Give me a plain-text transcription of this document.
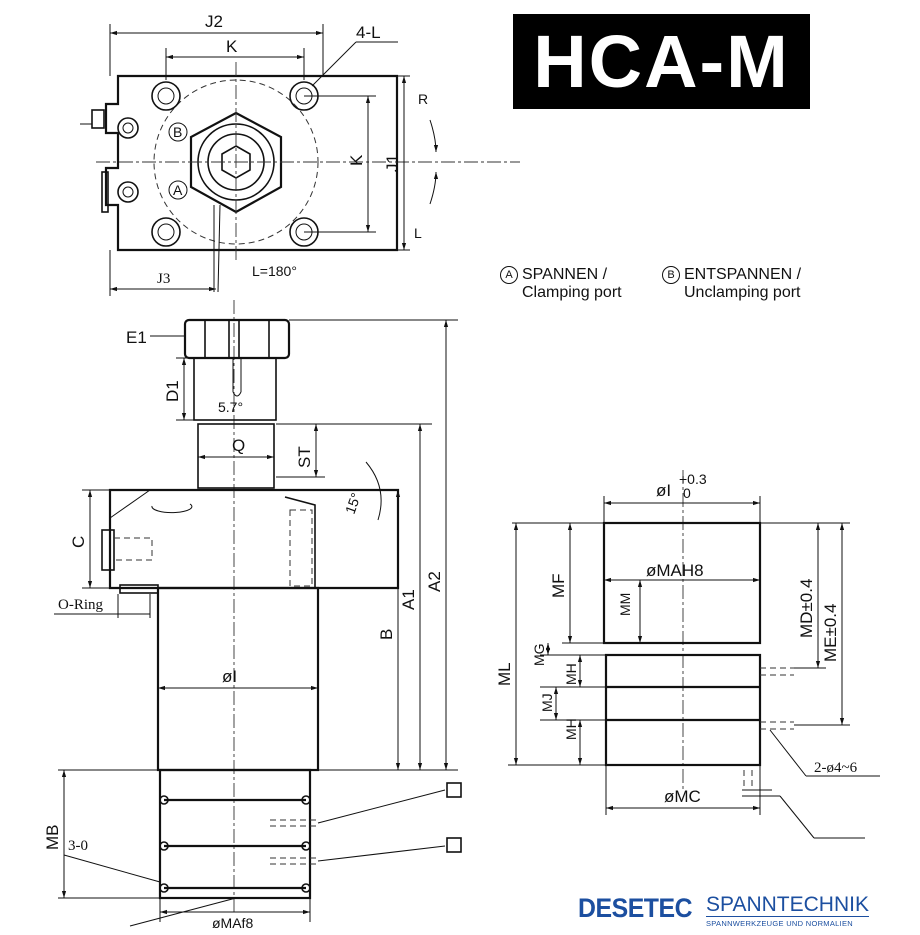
HCA-M
A SPANNEN /
Clamping port
B ENTSPANNEN /
Unclamping port
B
A
J2
K
4-L
K J1
J3	L=180°
R
L
E1
D1
5.7°
Q
ST
15°
C
O-Ring
øI
B
A1
A2
MB 3-0
øMAf8
øI
+0.3
0
øMAH8
MM
MF	MD±0.4 ME±0.4
ML
MG
MH
MJ
MH
2-ø4~6
øMC
DESETEC SPANNTECHNIK
SPANNWERKZEUGE UND NORMALIEN
